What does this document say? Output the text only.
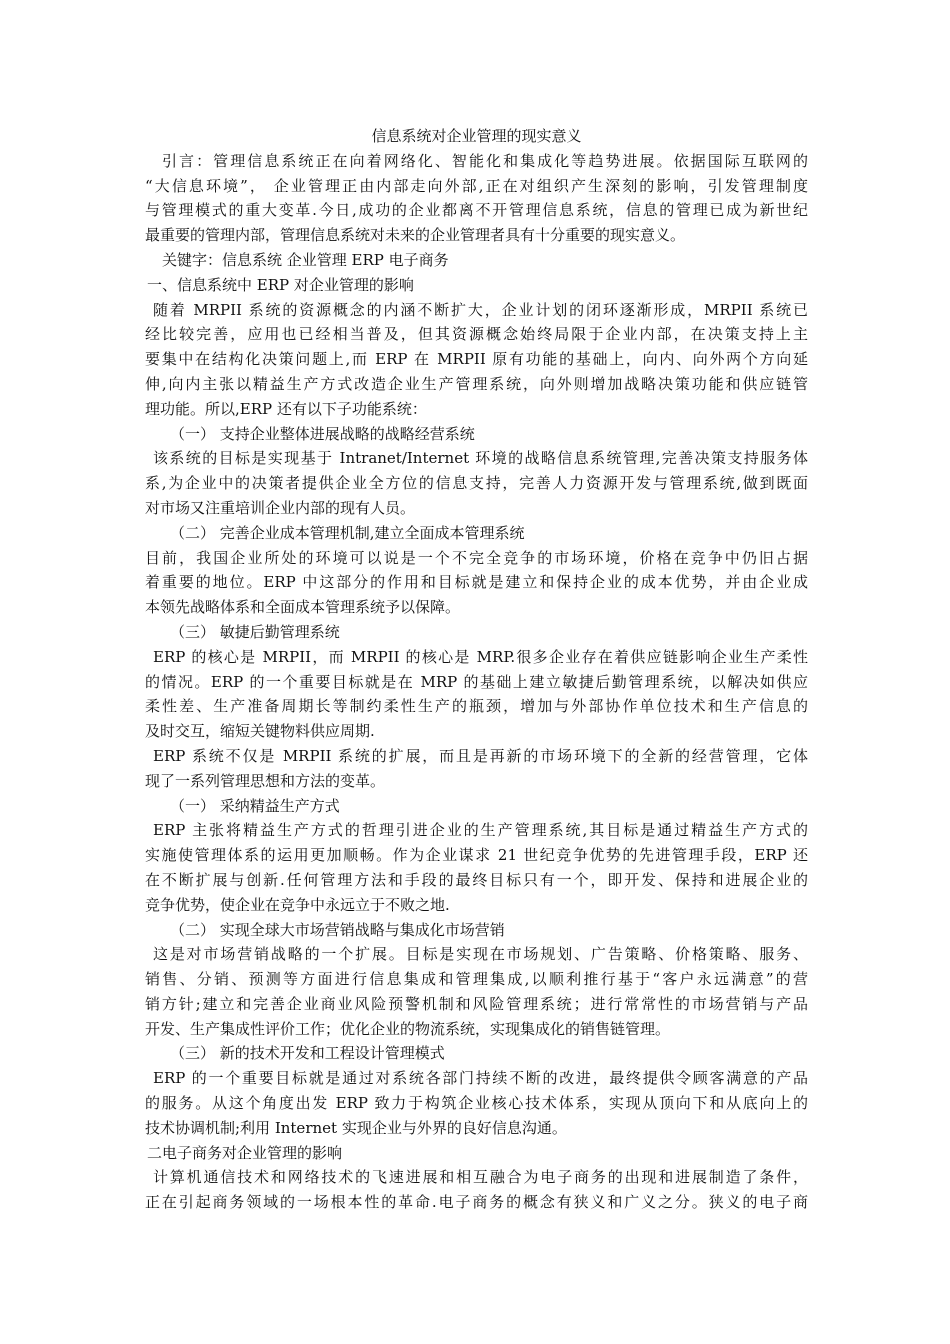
信息系统对企业管理的现实意义

引言：管理信息系统正在向着网络化、智能化和集成化等趋势进展。依据国际互联网的

“大信息环境”， 企业管理正由内部走向外部,正在对组织产生深刻的影响，引发管理制度

与管理模式的重大变革.今日,成功的企业都离不开管理信息系统，信息的管理已成为新世纪

最重要的管理内部，管理信息系统对未来的企业管理者具有十分重要的现实意义。

关键字：信息系统 企业管理 ERP 电子商务

一、信息系统中 ERP 对企业管理的影响

随着 MRPII 系统的资源概念的内涵不断扩大，企业计划的闭环逐渐形成，MRPII 系统已

经比较完善，应用也已经相当普及，但其资源概念始终局限于企业内部，在决策支持上主

要集中在结构化决策问题上,而 ERP 在 MRPII 原有功能的基础上，向内、向外两个方向延

伸,向内主张以精益生产方式改造企业生产管理系统，向外则增加战略决策功能和供应链管

理功能。所以,ERP 还有以下子功能系统：

（一） 支持企业整体进展战略的战略经营系统

该系统的目标是实现基于 Intranet/Internet 环境的战略信息系统管理,完善决策支持服务体

系,为企业中的决策者提供企业全方位的信息支持，完善人力资源开发与管理系统,做到既面

对市场又注重培训企业内部的现有人员。

（二） 完善企业成本管理机制,建立全面成本管理系统

目前，我国企业所处的环境可以说是一个不完全竞争的市场环境，价格在竞争中仍旧占据

着重要的地位。ERP 中这部分的作用和目标就是建立和保持企业的成本优势，并由企业成

本领先战略体系和全面成本管理系统予以保障。

（三） 敏捷后勤管理系统

ERP 的核心是 MRPII，而 MRPII 的核心是 MRP.很多企业存在着供应链影响企业生产柔性

的情况。ERP 的一个重要目标就是在 MRP 的基础上建立敏捷后勤管理系统，以解决如供应

柔性差、生产准备周期长等制约柔性生产的瓶颈，增加与外部协作单位技术和生产信息的

及时交互，缩短关键物料供应周期.

ERP 系统不仅是 MRPII 系统的扩展，而且是再新的市场环境下的全新的经营管理，它体

现了一系列管理思想和方法的变革。

（一） 采纳精益生产方式

ERP 主张将精益生产方式的哲理引进企业的生产管理系统,其目标是通过精益生产方式的

实施使管理体系的运用更加顺畅。作为企业谋求 21 世纪竞争优势的先进管理手段，ERP 还

在不断扩展与创新.任何管理方法和手段的最终目标只有一个，即开发、保持和进展企业的

竞争优势，使企业在竞争中永远立于不败之地.

（二） 实现全球大市场营销战略与集成化市场营销

这是对市场营销战略的一个扩展。目标是实现在市场规划、广告策略、价格策略、服务、

销售、分销、预测等方面进行信息集成和管理集成,以顺利推行基于“客户永远满意”的营

销方针;建立和完善企业商业风险预警机制和风险管理系统；进行常常性的市场营销与产品

开发、生产集成性评价工作；优化企业的物流系统，实现集成化的销售链管理。

（三） 新的技术开发和工程设计管理模式

ERP 的一个重要目标就是通过对系统各部门持续不断的改进，最终提供令顾客满意的产品

的服务。从这个角度出发 ERP 致力于构筑企业核心技术体系，实现从顶向下和从底向上的

技术协调机制;利用 Internet 实现企业与外界的良好信息沟通。

二电子商务对企业管理的影响

计算机通信技术和网络技术的飞速进展和相互融合为电子商务的出现和进展制造了条件，

正在引起商务领域的一场根本性的革命.电子商务的概念有狭义和广义之分。狭义的电子商
